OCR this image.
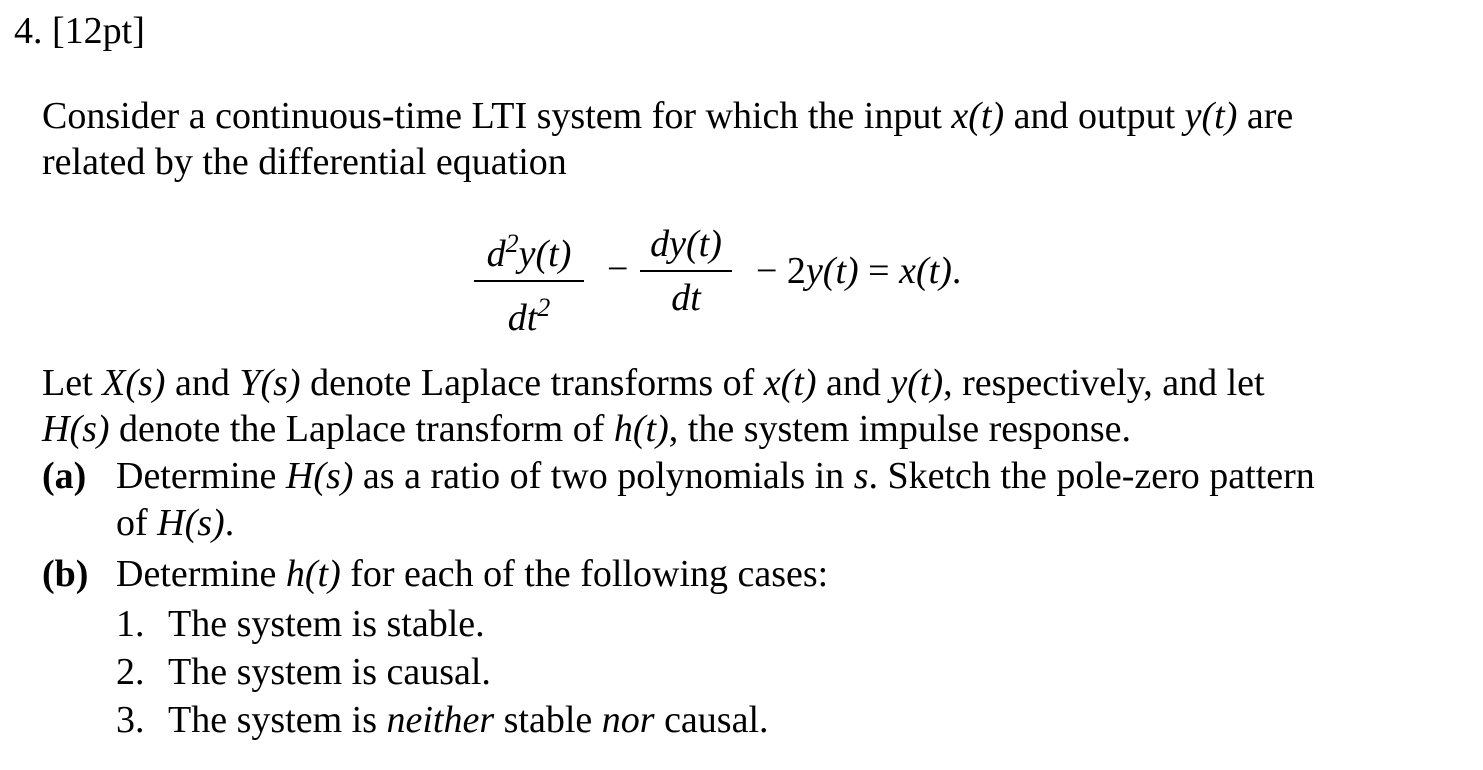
4. [12pt]
Consider a continuous-time LTI system for which the input x(t) and output y(t) are
related by the differential equation
$d^2y(t)$
$dt^2$
−
dy(t)
dt
− 2y(t) = x(t).
Let X(s) and Y(s) denote Laplace transforms of x(t) and y(t), respectively, and let
H(s) denote the Laplace transform of h(t), the system impulse response.
(a) Determine H(s) as a ratio of two polynomials in s. Sketch the pole-zero pattern
of H(s).
(b) Determine h(t) for each of the following cases:
1. The system is stable.
2. The system is causal.
3. The system is neither stable nor causal.
